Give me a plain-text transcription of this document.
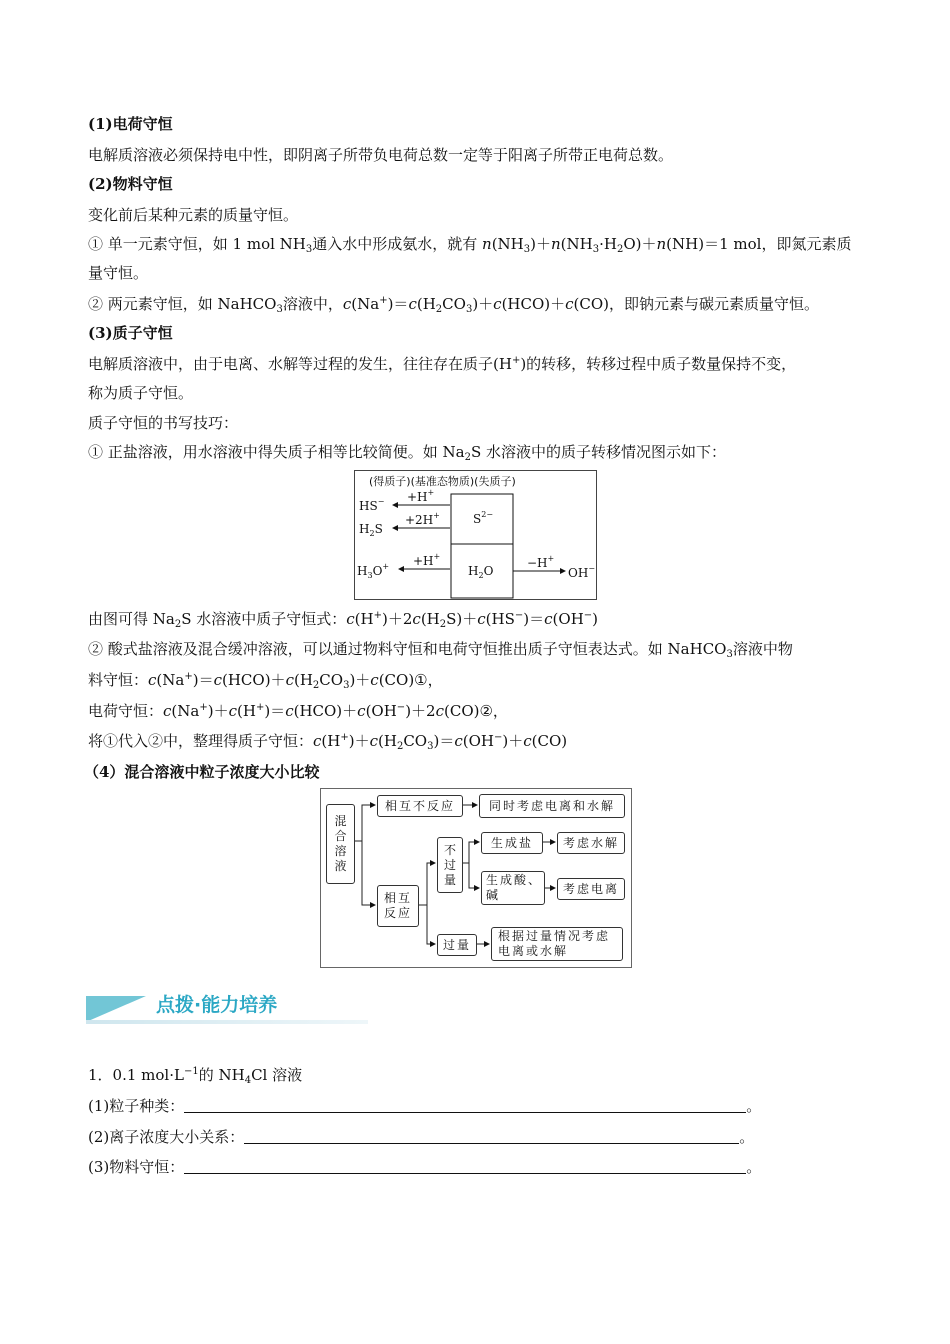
(1)电荷守恒
电解质溶液必须保持电中性，即阴离子所带负电荷总数一定等于阳离子所带正电荷总数。
(2)物料守恒
变化前后某种元素的质量守恒。
① 单一元素守恒，如 1 mol $NH_3$通入水中形成氨水，就有 $n(NH_3)+n(NH_3\cdot H_2O)+n(NH)=1$ mol，即氮元素质
量守恒。
② 两元素守恒，如 NaHCO$_3$溶液中，$c(Na^+)=c(H_2CO_3)+c(HCO)+c(CO)$，即钠元素与碳元素质量守恒。
(3)质子守恒
电解质溶液中，由于电离、水解等过程的发生，往往存在质子(H+)的转移，转移过程中质子数量保持不变，
称为质子守恒。
质子守恒的书写技巧：
① 正盐溶液，用水溶液中得失质子相等比较简便。如 $Na_2S$ 水溶液中的质子转移情况图示如下：
(得质子)(基准态物质)(失质子)
$S^{2-}$
$H_2O$
HS− +H+
$H_2S$
+2H+
$H_3O^+ +H^+$	−H+
OH−
由图可得 $Na_2S$ 水溶液中质子守恒式：$c(H^+)+2c(H_2S)+c(HS^-)=c(OH^-)$
② 酸式盐溶液及混合缓冲溶液，可以通过物料守恒和电荷守恒推出质子守恒表达式。如 NaHCO$_3$溶液中物
料守恒：$c(Na^+)=c(HCO)+c(H_2CO_3)+c(CO)①$，
电荷守恒：c(Na+)＋c(H+)＝c(HCO)＋c(OH−)＋2c(CO)②，
将①代入②中，整理得质子守恒：$c(H^+)+c(H_2CO_3)=c(OH^-)+c(CO)$
（4）混合溶液中粒子浓度大小比较
混
合
溶
液
相互不反应	同时考虑电离和水解
相互
反应
不
过
量
生成盐	考虑水解
生成酸、
碱	考虑电离
过量
根据过量情况考虑
电离或水解
点拨·能力培养
1．0.1 $mol\cdot L^{-1}$的 $NH_4Cl$ 溶液
(1)粒子种类：	。
(2)离子浓度大小关系：	。
(3)物料守恒：	。
